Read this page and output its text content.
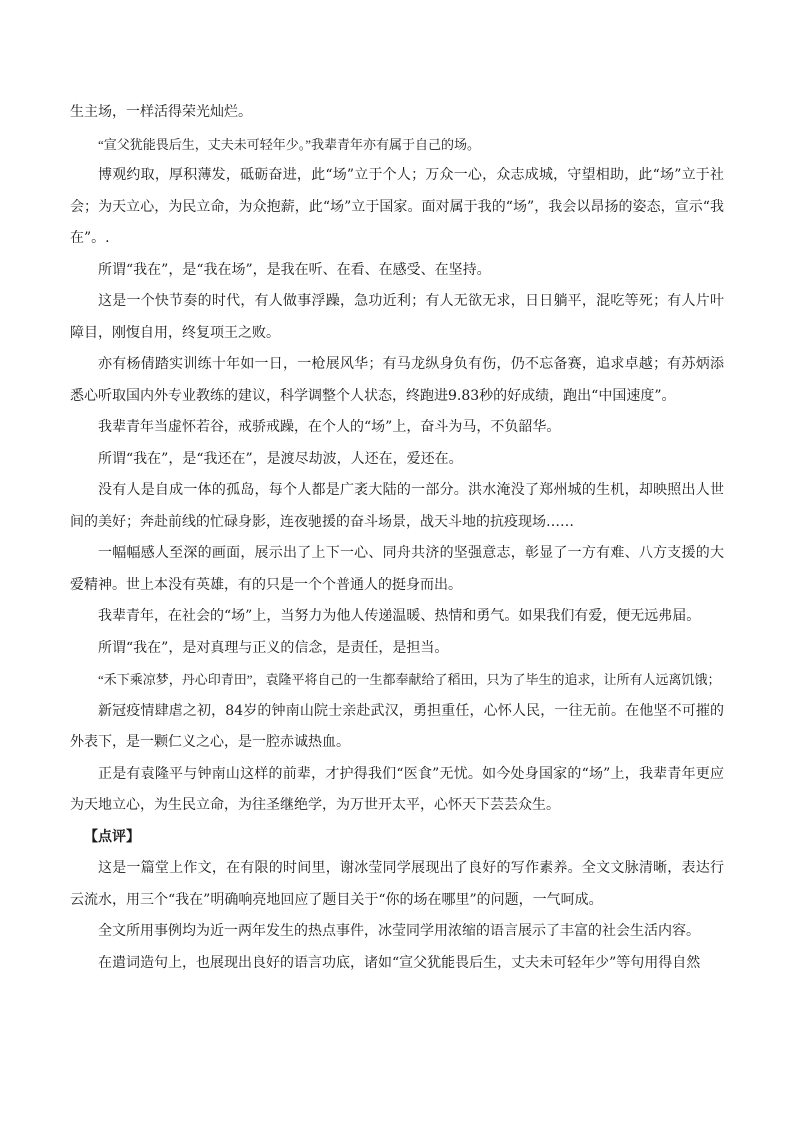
生主场，一样活得荣光灿烂。

“宣父犹能畏后生，丈夫未可轻年少。”我辈青年亦有属于自己的场。

博观约取，厚积薄发，砥砺奋进，此“场”立于个人；万众一心，众志成城，守望相助，此“场”立于社会；为天立心，为民立命，为众抱薪，此“场”立于国家。面对属于我的“场”，我会以昂扬的姿态，宣示“我在”。.

所谓“我在”，是“我在场”，是我在听、在看、在感受、在坚持。

这是一个快节奏的时代，有人做事浮躁，急功近利；有人无欲无求，日日躺平，混吃等死；有人片叶障目，刚愎自用，终复项王之败。

亦有杨倩踏实训练十年如一日，一枪展风华；有马龙纵身负有伤，仍不忘备赛，追求卓越；有苏炳添悉心听取国内外专业教练的建议，科学调整个人状态，终跑进9.83秒的好成绩，跑出“中国速度”。

我辈青年当虚怀若谷，戒骄戒躁，在个人的“场”上，奋斗为马，不负韶华。

所谓“我在”，是“我还在”，是渡尽劫波，人还在，爱还在。

没有人是自成一体的孤岛，每个人都是广袤大陆的一部分。洪水淹没了郑州城的生机，却映照出人世间的美好；奔赴前线的忙碌身影，连夜驰援的奋斗场景，战天斗地的抗疫现场……

一幅幅感人至深的画面，展示出了上下一心、同舟共济的坚强意志，彰显了一方有难、八方支援的大爱精神。世上本没有英雄，有的只是一个个普通人的挺身而出。

我辈青年，在社会的“场”上，当努力为他人传递温暖、热情和勇气。如果我们有爱，便无远弗届。

所谓“我在”，是对真理与正义的信念，是责任，是担当。

“禾下乘凉梦，丹心印青田”，袁隆平将自己的一生都奉献给了稻田，只为了毕生的追求，让所有人远离饥饿；

新冠疫情肆虐之初，84岁的钟南山院士亲赴武汉，勇担重任，心怀人民，一往无前。在他坚不可摧的外表下，是一颗仁义之心，是一腔赤诚热血。

正是有袁隆平与钟南山这样的前辈，才护得我们“医食”无忧。如今处身国家的“场”上，我辈青年更应为天地立心，为生民立命，为往圣继绝学，为万世开太平，心怀天下芸芸众生。

【点评】

这是一篇堂上作文，在有限的时间里，谢冰莹同学展现出了良好的写作素养。全文文脉清晰，表达行云流水，用三个“我在”明确响亮地回应了题目关于“你的场在哪里”的问题，一气呵成。

全文所用事例均为近一两年发生的热点事件，冰莹同学用浓缩的语言展示了丰富的社会生活内容。

在遣词造句上，也展现出良好的语言功底，诸如“宣父犹能畏后生，丈夫未可轻年少”等句用得自然
